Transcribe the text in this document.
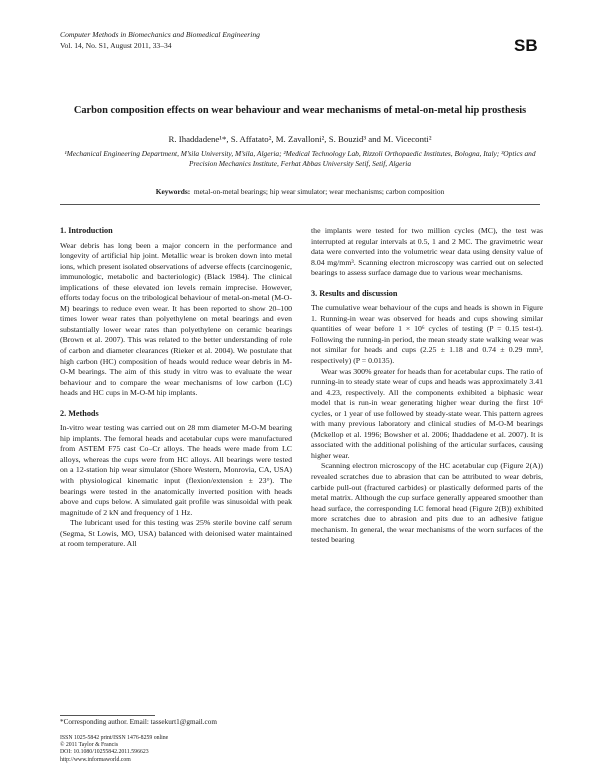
Computer Methods in Biomechanics and Biomedical Engineering
Vol. 14, No. S1, August 2011, 33–34	SB
Carbon composition effects on wear behaviour and wear mechanisms of metal-on-metal hip prosthesis
R. Ihaddadene¹*, S. Affatato², M. Zavalloni², S. Bouzid³ and M. Viceconti²
¹Mechanical Engineering Department, M’sila University, M’sila, Algeria; ²Medical Technology Lab, Rizzoli Orthopaedic Institutes, Bologna, Italy; ³Optics and Precision Mechanics Institute, Ferhat Abbas University Setif, Setif, Algeria
Keywords: metal-on-metal bearings; hip wear simulator; wear mechanisms; carbon composition
1. Introduction

Wear debris has long been a major concern in the performance and longevity of artificial hip joint. Metallic wear is broken down into metal ions, which present isolated observations of adverse effects (carcinogenic, immunologic, metabolic and bacteriologic) (Black 1984). The clinical implications of these elevated ion levels remain imprecise. However, efforts today focus on the tribological behaviour of metal-on-metal (M-O-M) bearings to reduce even wear. It has been reported to show 20–100 times lower wear rates than polyethylene on metal bearings and even substantially lower wear rates than polyethylene on ceramic bearings (Brown et al. 2007). This was related to the better understanding of role of carbon and diameter clearances (Rieker et al. 2004). We postulate that high carbon (HC) composition of heads would reduce wear debris in M-O-M bearings. The aim of this study in vitro was to evaluate the wear behaviour and to compare the wear mechanisms of low carbon (LC) heads and HC cups in M-O-M hip implants.

2. Methods

In-vitro wear testing was carried out on 28 mm diameter M-O-M bearing hip implants. The femoral heads and acetabular cups were manufactured from ASTEM F75 cast Co–Cr alloys. The heads were made from LC alloys, whereas the cups were from HC alloys. All bearings were tested on a 12-station hip wear simulator (Shore Western, Monrovia, CA, USA) with physiological kinematic input (flexion/extension ± 23°). The bearings were tested in the anatomically inverted position with heads above and cups below. A simulated gait profile was sinusoidal with peak magnitude of 2 kN and frequency of 1 Hz.

The lubricant used for this testing was 25% sterile bovine calf serum (Segma, St Lowis, MO, USA) balanced with deionised water maintained at room temperature. All

the implants were tested for two million cycles (MC), the test was interrupted at regular intervals at 0.5, 1 and 2 MC. The gravimetric wear data were converted into the volumetric wear data using density value of 8.04 mg/mm³. Scanning electron microscopy was carried out on selected bearings to assess surface damage due to various wear mechanisms.

3. Results and discussion

The cumulative wear behaviour of the cups and heads is shown in Figure 1. Running-in wear was observed for heads and cups showing similar quantities of wear before 1 × 10⁶ cycles of testing (P = 0.15 test-t). Following the running-in period, the mean steady state walking wear was not similar for heads and cups (2.25 ± 1.18 and 0.74 ± 0.29 mm³, respectively) (P = 0.0135).

Wear was 300% greater for heads than for acetabular cups. The ratio of running-in to steady state wear of cups and heads was approximately 3.41 and 4.23, respectively. All the components exhibited a biphasic wear model that is run-in wear generating higher wear during the first 10⁶ cycles, or 1 year of use followed by steady-state wear. This pattern agrees with many previous laboratory and clinical studies of M-O-M bearings (Mckellop et al. 1996; Bowsher et al. 2006; Ihaddadene et al. 2007). It is associated with the additional polishing of the articular surfaces, causing higher wear.

Scanning electron microscopy of the HC acetabular cup (Figure 2(A)) revealed scratches due to abrasion that can be attributed to wear debris, carbide pull-out (fractured carbides) or plastically deformed parts of the metal matrix. Although the cup surface generally appeared smoother than head surface, the corresponding LC femoral head (Figure 2(B)) exhibited more scratches due to abrasion and pits due to an adhesive fatigue mechanism. In general, the wear mechanisms of the worn surfaces of the tested bearing

*Corresponding author. Email: tassekurt1@gmail.com
ISSN 1025-5842 print/ISSN 1476-8259 online
© 2011 Taylor & Francis
DOI: 10.1080/10255842.2011.596623
http://www.informaworld.com
